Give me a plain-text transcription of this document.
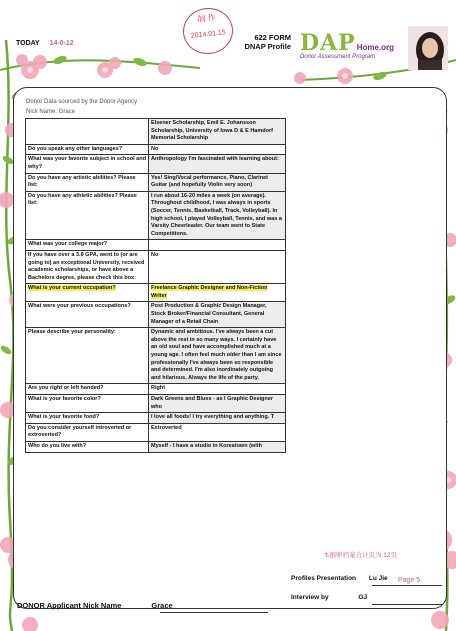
制 作
2014.01.15
TODAY 14-0-12
622 FORM
DNAP Profile DAPHome.org
Donor Assessment Program
Donor Data sourced by the Donor Agency
Nick Name: Grace
	Elsener Scholarship, Emil E. Johansson Scholarship, University of Iowa D & E Hamdorf Memorial Scholarship
Do you speak any other languages?	No
What was your favorite subject in school and why?	Anthropology I'm fascinated with learning about:
Do you have any artistic abilities? Please list:	Yes! Sing/Vocal performance, Piano, Clarinet Guitar (and hopefully Violin very soon)
Do you have any athletic abilities? Please list:	I run about 16-20 miles a week (on average). Throughout childhood, I was always in sports (Soccer, Tennis, Basketball, Track, Volleyball). In high school, I played Volleyball, Tennis, and was a Varsity Cheerleader. Our team went to State Competitions.
What was your college major?	
If you have over a 3.8 GPA, went to (or are going to) an exceptional University, received academic scholarships, or have above a Bachelors degree, please check this box:	No
What is your current occupation?	Freelance Graphic Designer and Non-Fiction Writer
What were your previous occupations?	Post Production & Graphic Design Manager, Stock Broker/Financial Consultant, General Manager of a Retail Chain
Please describe your personality:	Dynamic and ambitious. I've always been a cut above the rest in so many ways. I certainly have an old soul and have accomplished much at a young age. I often feel much older than I am since professionally I've always been so responsible and determined. I'm also inordinately outgoing and hilarious. Always the life of the party.
Are you right or left handed?	Right
What is your favorite color?	Dark Greens and Blues - as I Graphic Designer who
What is your favorite food?	I love all foods! I try everything and anything. T
Do you consider yourself introverted or extroverted?	Extroverted
Who do you live with?	Myself - I have a studio in Koreatown (with
本捐卵档案合计页为 12页
Profiles Presentation Lu Jie Page 5
Interview by	GJ
DONOR Applicant Nick Name	Grace
